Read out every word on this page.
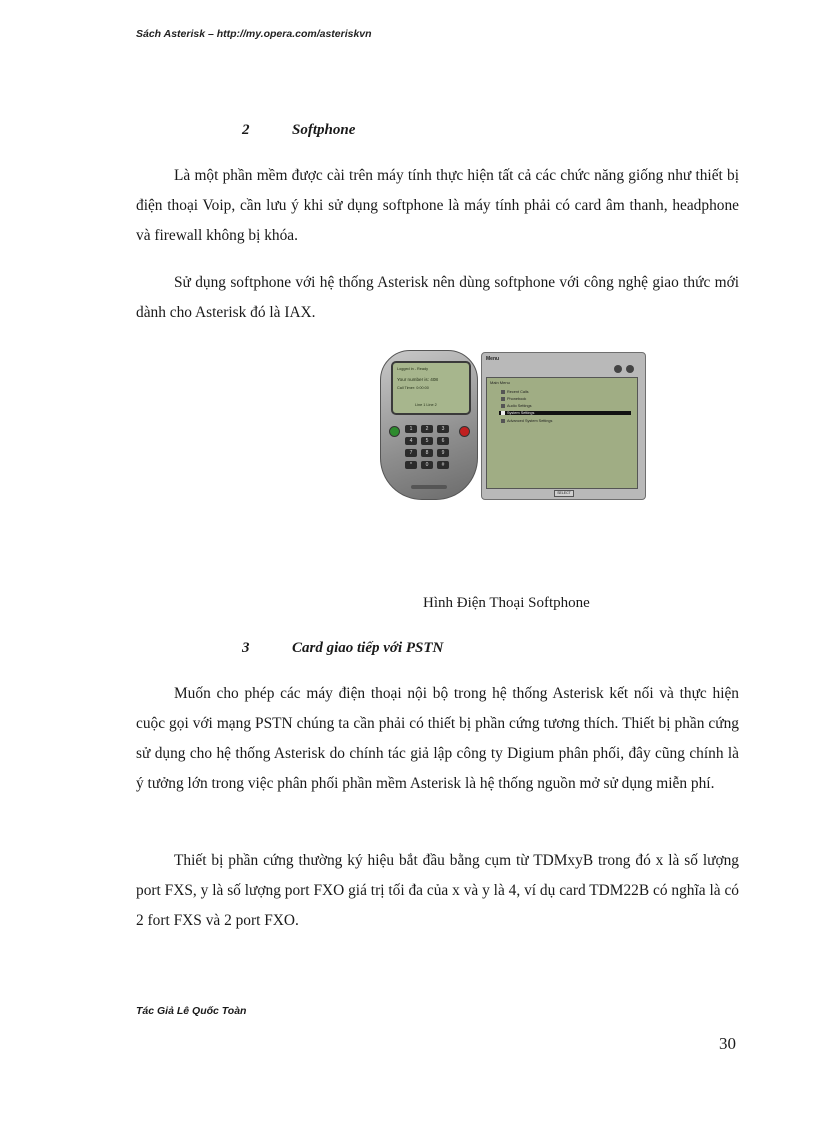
Sách Asterisk – http://my.opera.com/asteriskvn
2	Softphone

Là một phần mềm được cài trên máy tính thực hiện tất cả các chức năng giống như thiết bị điện thoại Voip, cần lưu ý khi sử dụng softphone là máy tính phải có card âm thanh, headphone và firewall không bị khóa.

Sử dụng softphone với hệ thống Asterisk nên dùng softphone với công nghệ giao thức mới dành cho Asterisk đó là IAX.

Logged in - Ready
Your number is: 408
Call Timer: 0:00:00
Line 1 Line 2
1	2	3
4	5	6
7	8	9
*	0	#
Menu
Main Menu
Recent Calls
Phonebook
Audio Settings
System Settings
Advanced System Settings
SELECT
Hình Điện Thoại Softphone
3	Card giao tiếp với PSTN

Muốn cho phép các máy điện thoại nội bộ trong hệ thống Asterisk kết nối và thực hiện cuộc gọi với mạng PSTN chúng ta cần phải có thiết bị phần cứng tương thích. Thiết bị phần cứng sử dụng cho hệ thống Asterisk do chính tác giả lập công ty Digium phân phối, đây cũng chính là ý tưởng lớn trong việc phân phối phần mềm Asterisk là hệ thống nguồn mở sử dụng miễn phí.

Thiết bị phần cứng thường ký hiệu bắt đầu bằng cụm từ TDMxyB trong đó x là số lượng port FXS, y là số lượng port FXO giá trị tối đa của x và y là 4, ví dụ card TDM22B có nghĩa là có 2 fort FXS và 2 port FXO.

Tác Giả Lê Quốc Toàn
30
